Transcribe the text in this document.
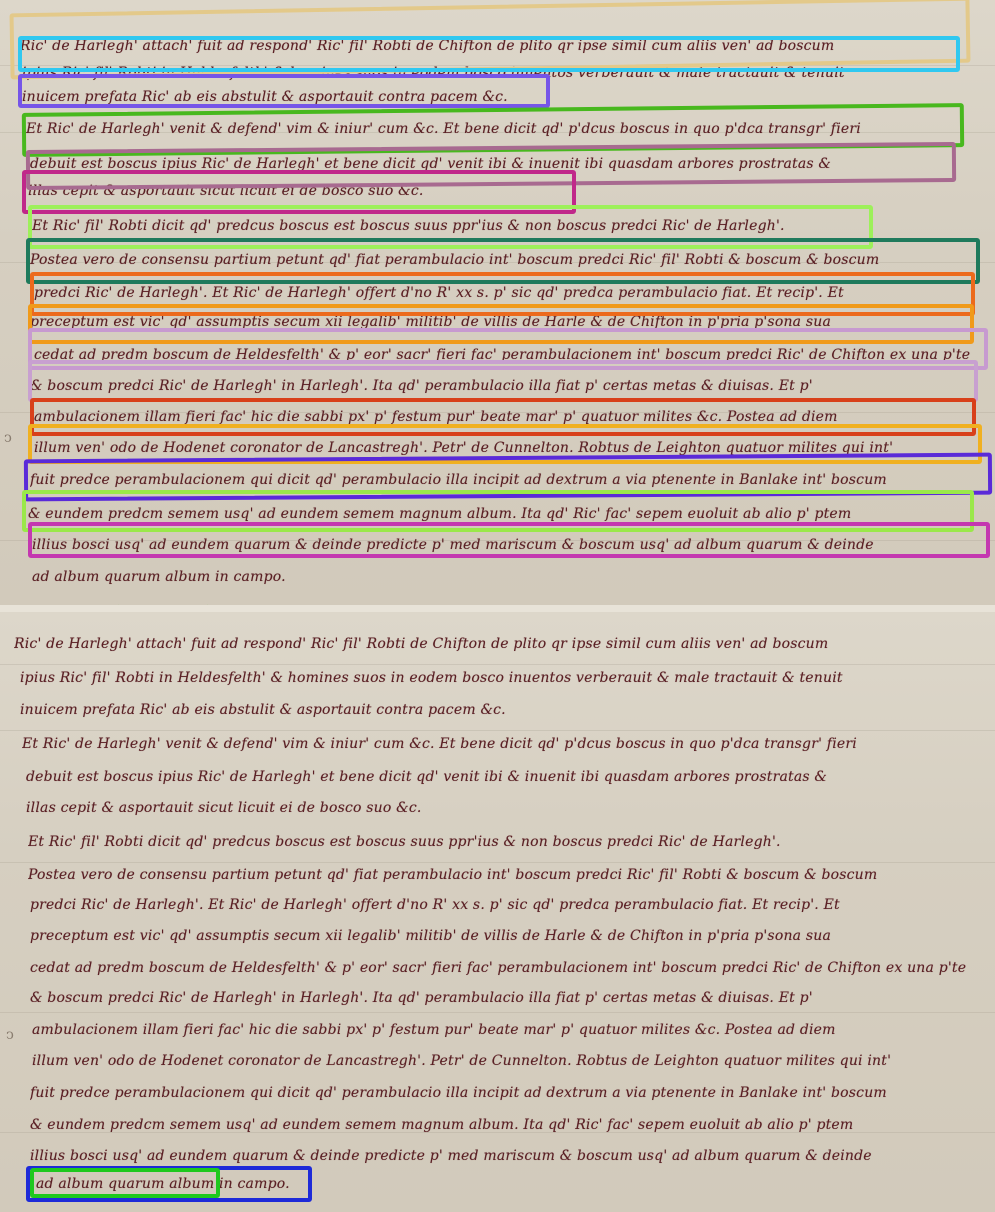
ↄ
Ric' de Harlegh' attach' fuit ad respond' Ric' fil' Robti de Chifton de plito qr ipse simil cum aliis ven' ad boscum
ipius Ric' fil' Robti in Heldesfelth' & homines suos in eodem bosco inuentos verberauit & male tractauit & tenuit
inuicem prefata Ric' ab eis abstulit & asportauit contra pacem &c.
Et Ric' de Harlegh' venit & defend' vim & iniur' cum &c. Et bene dicit qd' p'dcus boscus in quo p'dca transgr' fieri
debuit est boscus ipius Ric' de Harlegh' et bene dicit qd' venit ibi & inuenit ibi quasdam arbores prostratas &
illas cepit & asportauit sicut licuit ei de bosco suo &c.
Et Ric' fil' Robti dicit qd' predcus boscus est boscus suus ppr'ius & non boscus predci Ric' de Harlegh'.
Postea vero de consensu partium petunt qd' fiat perambulacio int' boscum predci Ric' fil' Robti & boscum & boscum
predci Ric' de Harlegh'. Et Ric' de Harlegh' offert d'no R' xx s. p' sic qd' predca perambulacio fiat. Et recip'. Et
preceptum est vic' qd' assumptis secum xii legalib' militib' de villis de Harle & de Chifton in p'pria p'sona sua
cedat ad predm boscum de Heldesfelth' & p' eor' sacr' fieri fac' perambulacionem int' boscum predci Ric' de Chifton ex una p'te
& boscum predci Ric' de Harlegh' in Harlegh'. Ita qd' perambulacio illa fiat p' certas metas & diuisas. Et p'
ambulacionem illam fieri fac' hic die sabbi px' p' festum pur' beate mar' p' quatuor milites &c. Postea ad diem
illum ven' odo de Hodenet coronator de Lancastregh'. Petr' de Cunnelton. Robtus de Leighton quatuor milites qui int'
fuit predce perambulacionem qui dicit qd' perambulacio illa incipit ad dextrum a via ptenente in Banlake int' boscum
& eundem predcm semem usq' ad eundem semem magnum album. Ita qd' Ric' fac' sepem euoluit ab alio p' ptem
illius bosci usq' ad eundem quarum & deinde predicte p' med mariscum & boscum usq' ad album quarum & deinde
ad album quarum album in campo.
ↄ
Ric' de Harlegh' attach' fuit ad respond' Ric' fil' Robti de Chifton de plito qr ipse simil cum aliis ven' ad boscum
ipius Ric' fil' Robti in Heldesfelth' & homines suos in eodem bosco inuentos verberauit & male tractauit & tenuit
inuicem prefata Ric' ab eis abstulit & asportauit contra pacem &c.
Et Ric' de Harlegh' venit & defend' vim & iniur' cum &c. Et bene dicit qd' p'dcus boscus in quo p'dca transgr' fieri
debuit est boscus ipius Ric' de Harlegh' et bene dicit qd' venit ibi & inuenit ibi quasdam arbores prostratas &
illas cepit & asportauit sicut licuit ei de bosco suo &c.
Et Ric' fil' Robti dicit qd' predcus boscus est boscus suus ppr'ius & non boscus predci Ric' de Harlegh'.
Postea vero de consensu partium petunt qd' fiat perambulacio int' boscum predci Ric' fil' Robti & boscum & boscum
predci Ric' de Harlegh'. Et Ric' de Harlegh' offert d'no R' xx s. p' sic qd' predca perambulacio fiat. Et recip'. Et
preceptum est vic' qd' assumptis secum xii legalib' militib' de villis de Harle & de Chifton in p'pria p'sona sua
cedat ad predm boscum de Heldesfelth' & p' eor' sacr' fieri fac' perambulacionem int' boscum predci Ric' de Chifton ex una p'te
& boscum predci Ric' de Harlegh' in Harlegh'. Ita qd' perambulacio illa fiat p' certas metas & diuisas. Et p'
ambulacionem illam fieri fac' hic die sabbi px' p' festum pur' beate mar' p' quatuor milites &c. Postea ad diem
illum ven' odo de Hodenet coronator de Lancastregh'. Petr' de Cunnelton. Robtus de Leighton quatuor milites qui int'
fuit predce perambulacionem qui dicit qd' perambulacio illa incipit ad dextrum a via ptenente in Banlake int' boscum
& eundem predcm semem usq' ad eundem semem magnum album. Ita qd' Ric' fac' sepem euoluit ab alio p' ptem
illius bosci usq' ad eundem quarum & deinde predicte p' med mariscum & boscum usq' ad album quarum & deinde
ad album quarum album in campo.
